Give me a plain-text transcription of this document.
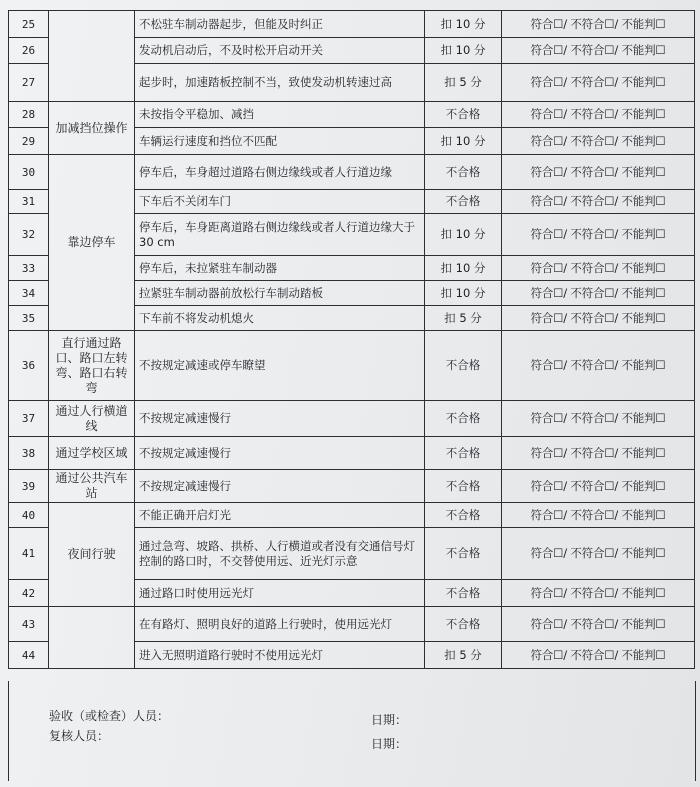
25		不松驻车制动器起步，但能及时纠正	扣 10 分	符合☐/ 不符合☐/ 不能判☐
26		发动机启动后，不及时松开启动开关	扣 10 分	符合☐/ 不符合☐/ 不能判☐
27		起步时，加速踏板控制不当，致使发动机转速过高	扣 5 分	符合☐/ 不符合☐/ 不能判☐
28	加减挡位操作	未按指令平稳加、减挡	不合格	符合☐/ 不符合☐/ 不能判☐
29		车辆运行速度和挡位不匹配	扣 10 分	符合☐/ 不符合☐/ 不能判☐
30	靠边停车	停车后，车身超过道路右侧边缘线或者人行道边缘	不合格	符合☐/ 不符合☐/ 不能判☐
31		下车后不关闭车门	不合格	符合☐/ 不符合☐/ 不能判☐
32		停车后，车身距离道路右侧边缘线或者人行道边缘大于 30 cm	扣 10 分	符合☐/ 不符合☐/ 不能判☐
33		停车后，未拉紧驻车制动器	扣 10 分	符合☐/ 不符合☐/ 不能判☐
34		拉紧驻车制动器前放松行车制动踏板	扣 10 分	符合☐/ 不符合☐/ 不能判☐
35		下车前不将发动机熄火	扣 5 分	符合☐/ 不符合☐/ 不能判☐
36	直行通过路口、路口左转弯、路口右转弯	不按规定减速或停车瞭望	不合格	符合☐/ 不符合☐/ 不能判☐
37	通过人行横道线	不按规定减速慢行	不合格	符合☐/ 不符合☐/ 不能判☐
38	通过学校区域	不按规定减速慢行	不合格	符合☐/ 不符合☐/ 不能判☐
39	通过公共汽车站	不按规定减速慢行	不合格	符合☐/ 不符合☐/ 不能判☐
40	夜间行驶	不能正确开启灯光	不合格	符合☐/ 不符合☐/ 不能判☐
41		通过急弯、坡路、拱桥、人行横道或者没有交通信号灯控制的路口时，不交替使用远、近光灯示意	不合格	符合☐/ 不符合☐/ 不能判☐
42		通过路口时使用远光灯	不合格	符合☐/ 不符合☐/ 不能判☐
43		在有路灯、照明良好的道路上行驶时，使用远光灯	不合格	符合☐/ 不符合☐/ 不能判☐
44		进入无照明道路行驶时不使用远光灯	扣 5 分	符合☐/ 不符合☐/ 不能判☐
验收（或检查）人员：
复核人员：
日期：
日期：
